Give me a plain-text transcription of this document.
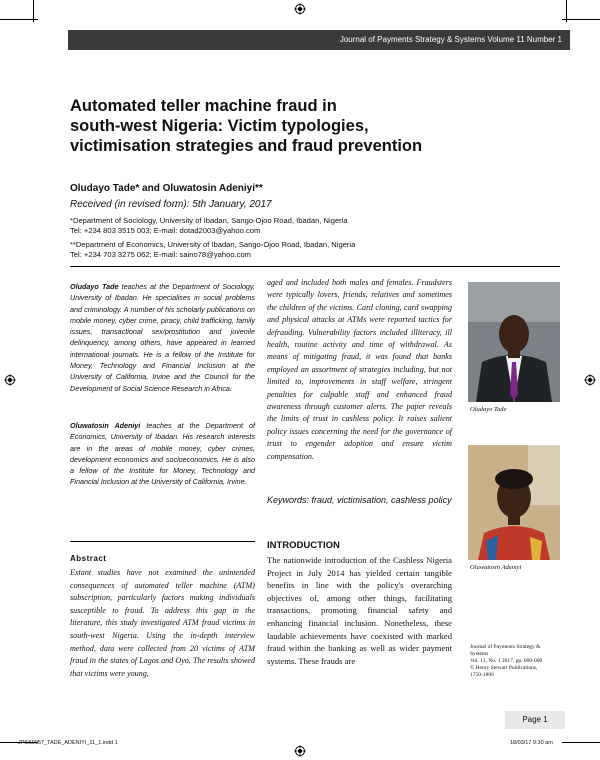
Journal of Payments Strategy & Systems Volume 11 Number 1
Automated teller machine fraud in
south-west Nigeria: Victim typologies,
victimisation strategies and fraud prevention
Oludayo Tade* and Oluwatosin Adeniyi**
Received (in revised form): 5th January, 2017
*Department of Sociology, University of Ibadan, Sango-Ojoo Road, Ibadan, Nigeria
Tel: +234 803 3515 003; E-mail: dotad2003@yahoo.com
**Department of Economics, University of Ibadan, Sango-Ojoo Road, Ibadan, Nigeria
Tel: +234 703 3275 062; E-mail: saino78@yahoo.com
Oludayo Tade teaches at the Department of Sociology, University of Ibadan. He specialises in social problems and criminology. A number of his scholarly publications on mobile money, cyber crime, piracy, child trafficking, family issues, transactional sex/prostitution and juvenile delinquency, among others, have appeared in learned international journals. He is a fellow of the Institute for Money, Technology and Financial Inclusion at the University of California, Irvine and the Council for the Development of Social Science Research in Africa.
Oluwatosin Adeniyi teaches at the Department of Economics, University of Ibadan. His research interests are in the areas of mobile money, cyber crimes, development economics and socioeconomics. He is also a fellow of the Institute for Money, Technology and Financial Inclusion at the University of California, Irvine.
Abstract
Extant studies have not examined the unintended consequences of automated teller machine (ATM) subscription, particularly factors making individuals susceptible to fraud. To address this gap in the literature, this study investigated ATM fraud victims in south-west Nigeria. Using the in-depth interview method, data were collected from 20 victims of ATM fraud in the states of Lagos and Oyo. The results showed that victims were young,
aged and included both males and females. Fraudsters were typically lovers, friends, relatives and sometimes the children of the victims. Card cloning, card swapping and physical attacks at ATMs were reported tactics for defrauding. Vulnerability factors included illiteracy, ill health, routine activity and time of withdrawal. As means of mitigating fraud, it was found that banks employed an assortment of strategies including, but not limited to, improvements in staff welfare, stringent penalties for culpable staff and enhanced fraud awareness through customer alerts. The paper reveals the limits of trust in cashless policy. It raises salient policy issues concerning the need for the governance of trust to engender adoption and ensure victim compensation.
Keywords: fraud, victimisation, cashless policy
INTRODUCTION
The nationwide introduction of the Cashless Nigeria Project in July 2014 has yielded certain tangible benefits in line with the policy's overarching objectives of, among other things, facilitating transactions, promoting financial safety and enhancing financial inclusion. Nonetheless, these laudable achievements have coexisted with marked fraud within the banking as well as wider payment systems. These frauds are
Oludayo Tade
Oluwatosin Adeniyi
Journal of Payments Strategy &
Systems
Vol. 11, No. 1 2017, pp. 000-000
© Henry Stewart Publications,
1750-1806
Page 1
JPSS0057_TADE_ADENIYI_11_1.indd 1	18/03/17 9:30 am
